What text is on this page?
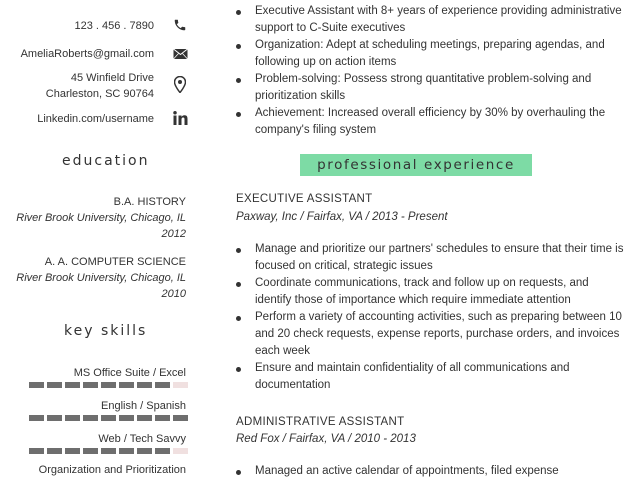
123 . 456 . 7890
AmeliaRoberts@gmail.com
45 Winfield Drive
Charleston, SC 90764
Linkedin.com/username
education
B.A. HISTORY
River Brook University, Chicago, IL
2012
A. A. COMPUTER SCIENCE
River Brook University, Chicago, IL
2010
key skills
MS Office Suite / Excel
English / Spanish
Web / Tech Savvy
Organization and Prioritization
Executive Assistant with 8+ years of experience providing administrative support to C-Suite executives
Organization: Adept at scheduling meetings, preparing agendas, and following up on action items
Problem-solving: Possess strong quantitative problem-solving and prioritization skills
Achievement: Increased overall efficiency by 30% by overhauling the company's filing system
professional experience
EXECUTIVE ASSISTANT
Paxway, Inc / Fairfax, VA / 2013 - Present
Manage and prioritize our partners' schedules to ensure that their time is focused on critical, strategic issues
Coordinate communications, track and follow up on requests, and identify those of importance which require immediate attention
Perform a variety of accounting activities, such as preparing between 10 and 20 check requests, expense reports, purchase orders, and invoices each week
Ensure and maintain confidentiality of all communications and documentation
ADMINISTRATIVE ASSISTANT
Red Fox / Fairfax, VA / 2010 - 2013
Managed an active calendar of appointments, filed expense
